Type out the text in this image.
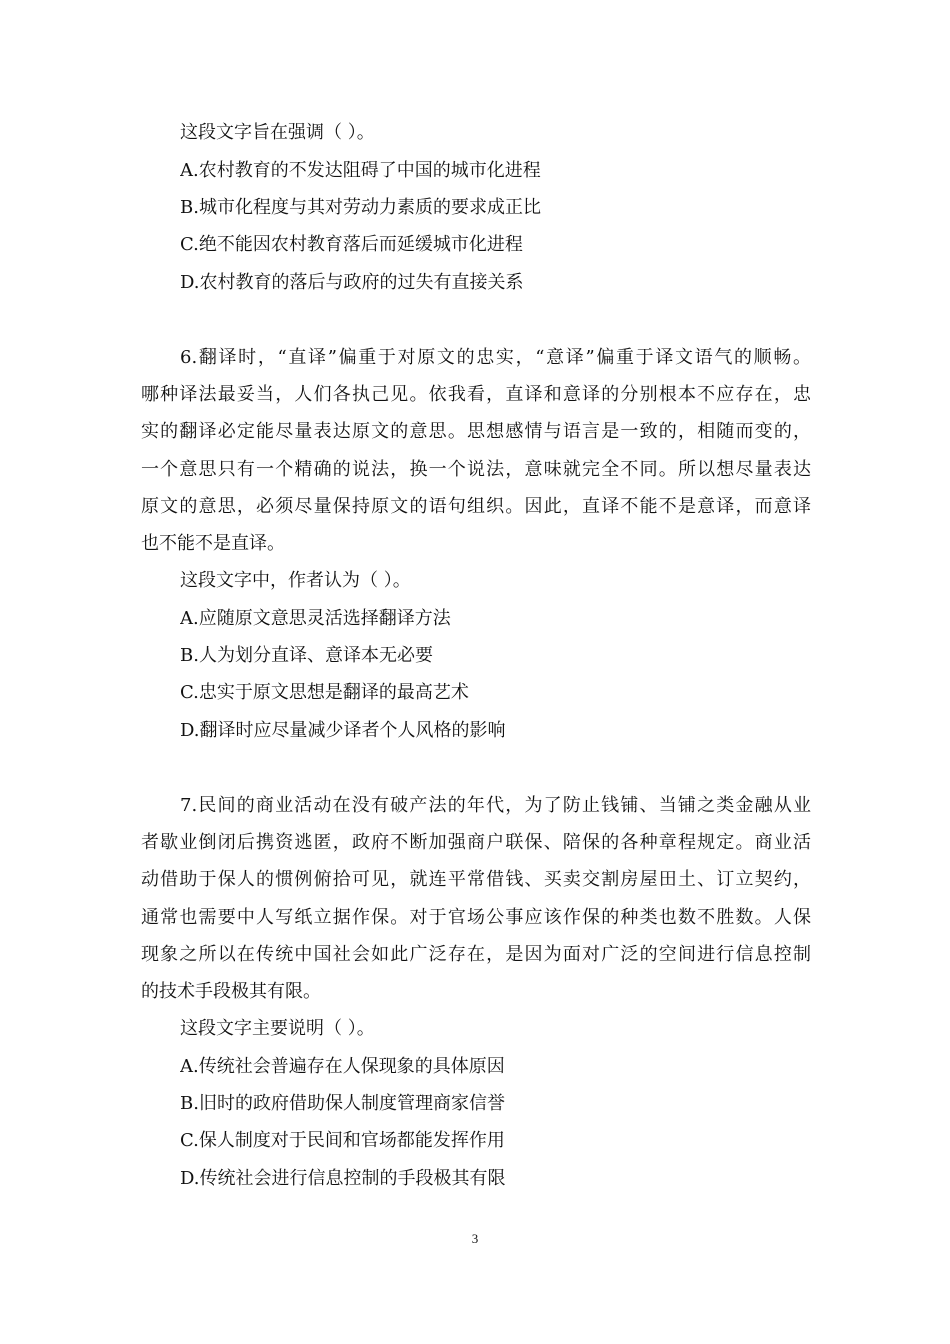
这段文字旨在强调（ ）。
A.农村教育的不发达阻碍了中国的城市化进程
B.城市化程度与其对劳动力素质的要求成正比
C.绝不能因农村教育落后而延缓城市化进程
D.农村教育的落后与政府的过失有直接关系
6.翻译时，“直译”偏重于对原文的忠实，“意译”偏重于译文语气的顺畅。
哪种译法最妥当，人们各执己见。依我看，直译和意译的分别根本不应存在，忠
实的翻译必定能尽量表达原文的意思。思想感情与语言是一致的，相随而变的，
一个意思只有一个精确的说法，换一个说法，意味就完全不同。所以想尽量表达
原文的意思，必须尽量保持原文的语句组织。因此，直译不能不是意译，而意译
也不能不是直译。
这段文字中，作者认为（ ）。
A.应随原文意思灵活选择翻译方法
B.人为划分直译、意译本无必要
C.忠实于原文思想是翻译的最高艺术
D.翻译时应尽量减少译者个人风格的影响
7.民间的商业活动在没有破产法的年代，为了防止钱铺、当铺之类金融从业
者歇业倒闭后携资逃匿，政府不断加强商户联保、陪保的各种章程规定。商业活
动借助于保人的惯例俯拾可见，就连平常借钱、买卖交割房屋田土、订立契约，
通常也需要中人写纸立据作保。对于官场公事应该作保的种类也数不胜数。人保
现象之所以在传统中国社会如此广泛存在，是因为面对广泛的空间进行信息控制
的技术手段极其有限。
这段文字主要说明（ ）。
A.传统社会普遍存在人保现象的具体原因
B.旧时的政府借助保人制度管理商家信誉
C.保人制度对于民间和官场都能发挥作用
D.传统社会进行信息控制的手段极其有限
3
